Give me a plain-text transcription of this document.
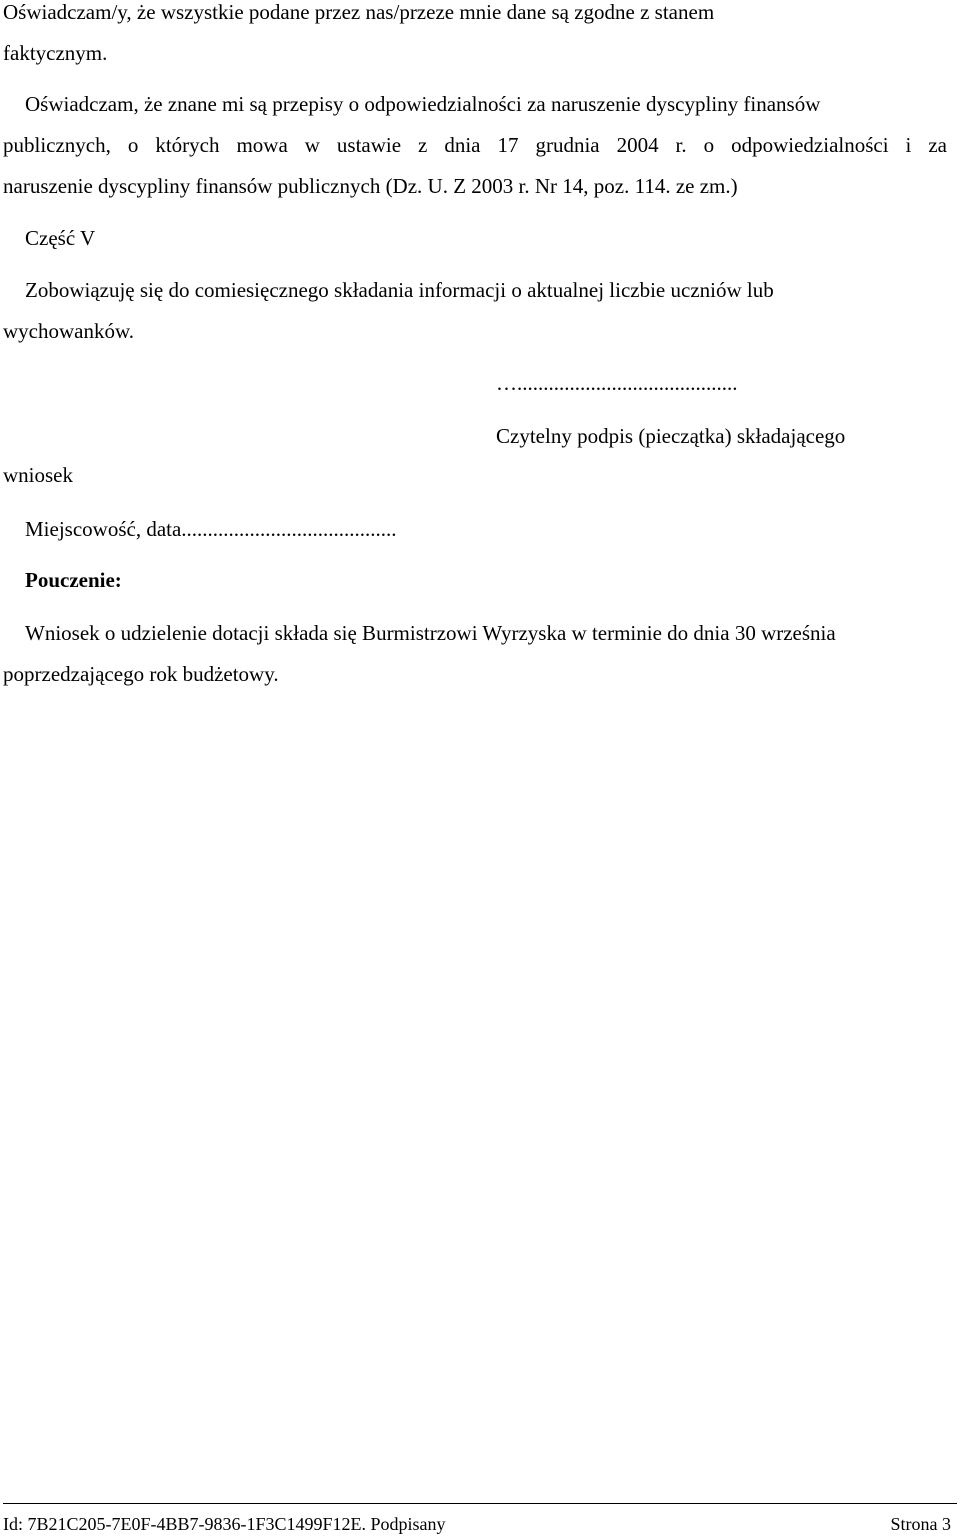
Oświadczam/y, że wszystkie podane przez nas/przeze mnie dane są zgodne z stanem
faktycznym.
Oświadczam, że znane mi są przepisy o odpowiedzialności za naruszenie dyscypliny finansów
publicznych, o których mowa w ustawie z dnia 17 grudnia 2004 r. o odpowiedzialności i za
naruszenie dyscypliny finansów publicznych (Dz. U. Z 2003 r. Nr 14, poz. 114. ze zm.)
Część V
Zobowiązuję się do comiesięcznego składania informacji o aktualnej liczbie uczniów lub
wychowanków.
…..........................................
Czytelny podpis (pieczątka) składającego
wniosek
Miejscowość, data.........................................
Pouczenie:
Wniosek o udzielenie dotacji składa się Burmistrzowi Wyrzyska w terminie do dnia 30 września
poprzedzającego rok budżetowy.
Id: 7B21C205-7E0F-4BB7-9836-1F3C1499F12E. Podpisany	Strona 3
